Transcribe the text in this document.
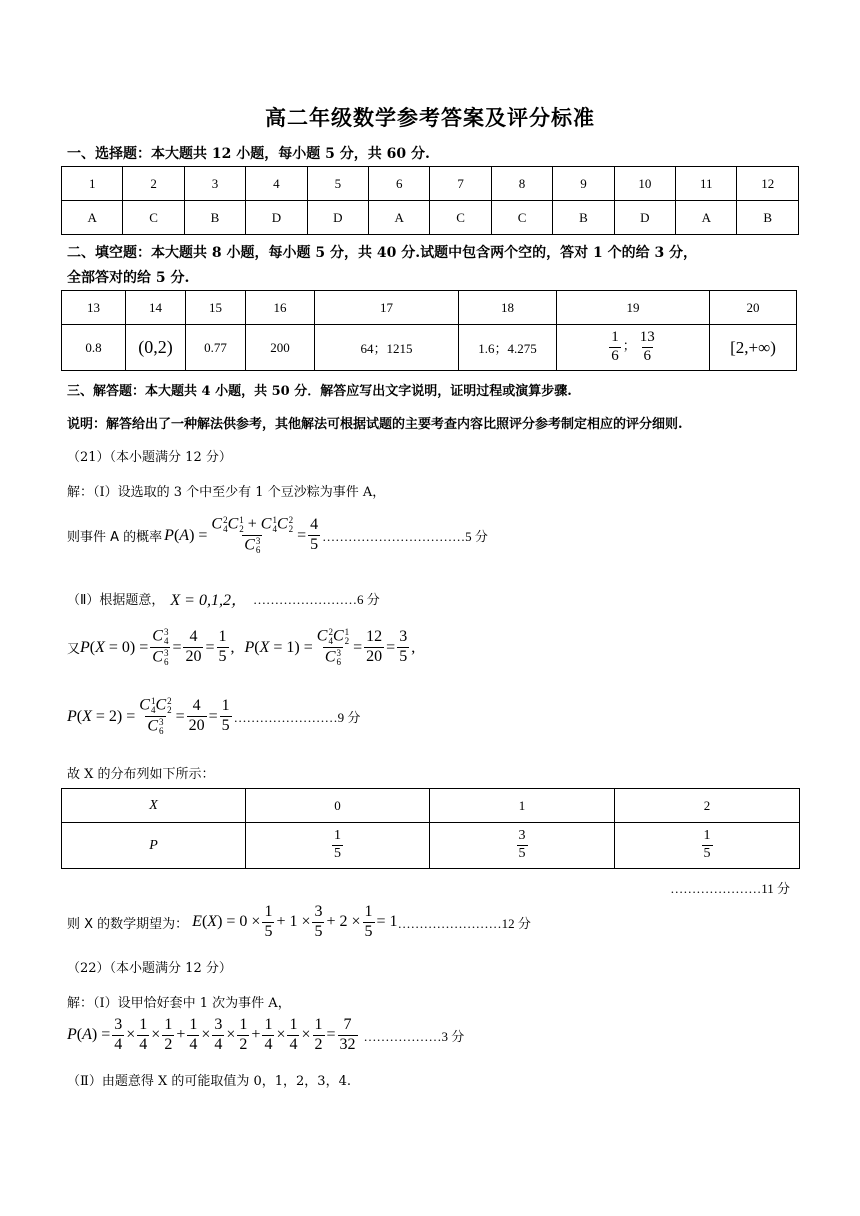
高二年级数学参考答案及评分标准
一、选择题：本大题共 12 小题，每小题 5 分，共 60 分.
1	2	3	4	5	6	7	8	9	10	11	12
A	C	B	D	D	A	C	C	B	D	A	B
二、填空题：本大题共 8 小题，每小题 5 分，共 40 分.试题中包含两个空的，答对 1 个的给 3 分，
全部答对的给 5 分.
13	14	15	16	17	18	19	20
0.8	(0,2)	0.77	200	64；1215	1.6；4.275	$\frac{1}{6}$ ； $\frac{13}{6}$	[2,+∞)
三、解答题：本大题共 4 小题，共 50 分．解答应写出文字说明，证明过程或演算步骤.
说明：解答给出了一种解法供参考，其他解法可根据试题的主要考查内容比照评分参考制定相应的评分细则.
（21）（本小题满分 12 分）
解：（Ⅰ）设选取的 3 个中至少有 1 个豆沙粽为事件 A，
则事件 A 的概率 P(A) = C 2
4 C 1
2 + C 1
4 C 2
2
C 3
$6 = \frac{4}{5}$ ……………………………5 分
（Ⅱ）根据题意， X = 0,1,2， ……………………6 分
又 P(X = 0) = C 3
4
C 3
$6 = \frac{4}{20} = \frac{1}{5}$ , P(X = 1) = C 2
4 C 1
2
C 3
$6 = \frac{12}{20} = \frac{3}{5}$ ,
P(X = 2) = C 1
4 C 2
2
C 3
$6 = \frac{4}{20} = \frac{1}{5}$ ……………………9 分
故 X 的分布列如下所示：
X	0	1	2
P	$\frac{1}{5}$	$\frac{3}{5}$	$\frac{1}{5}$
…………………11 分
则 X 的数学期望为： $E(X) = 0 \times \frac{1}{5} + 1 \times \frac{3}{5} + 2 \times \frac{1}{5} = 1$ ……………………12 分
（22）（本小题满分 12 分）
解：（Ⅰ）设甲恰好套中 1 次为事件 A，
$P(A) = \frac{3}{4} \times \frac{1}{4} \times \frac{1}{2} + \frac{1}{4} \times \frac{3}{4} \times \frac{1}{2} + \frac{1}{4} \times \frac{1}{4} \times \frac{1}{2} = \frac{7}{32}$ ………………3 分
（Ⅱ）由题意得 X 的可能取值为 0，1，2，3，4.
